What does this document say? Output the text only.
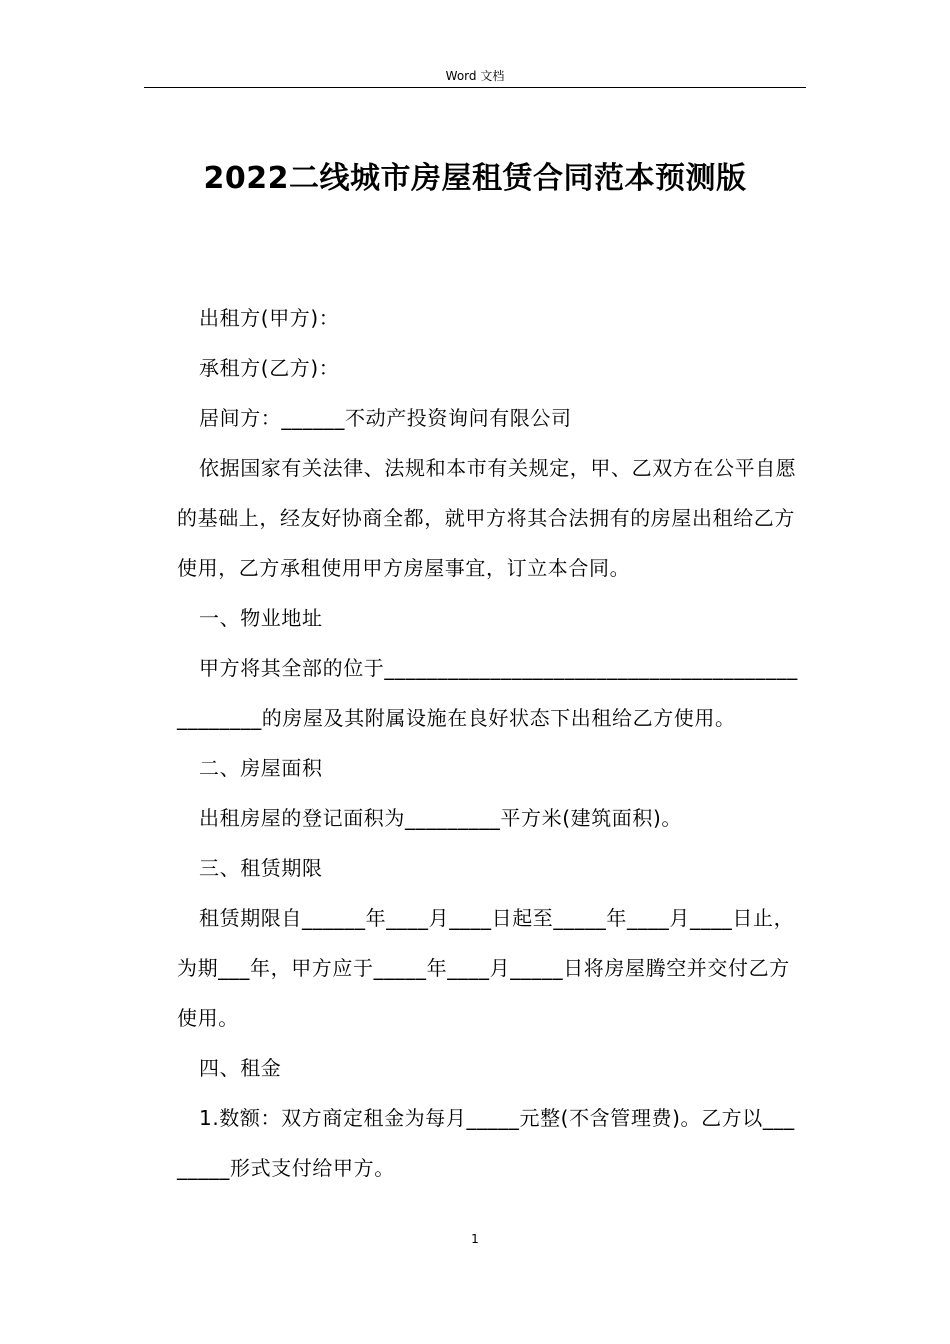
Word 文档
2022二线城市房屋租赁合同范本预测版

出租方(甲方)：

承租方(乙方)：

居间方：______不动产投资询问有限公司

依据国家有关法律、法规和本市有关规定，甲、乙双方在公平自愿的基础上，经友好协商全都，就甲方将其合法拥有的房屋出租给乙方使用，乙方承租使用甲方房屋事宜，订立本合同。

一、物业地址

甲方将其全部的位于_______________________________________________的房屋及其附属设施在良好状态下出租给乙方使用。

二、房屋面积

出租房屋的登记面积为_________平方米(建筑面积)。

三、租赁期限

租赁期限自______年____月____日起至_____年____月____日止，为期___年，甲方应于_____年____月_____日将房屋腾空并交付乙方使用。

四、租金

1.数额：双方商定租金为每月_____元整(不含管理费)。乙方以________形式支付给甲方。

1
